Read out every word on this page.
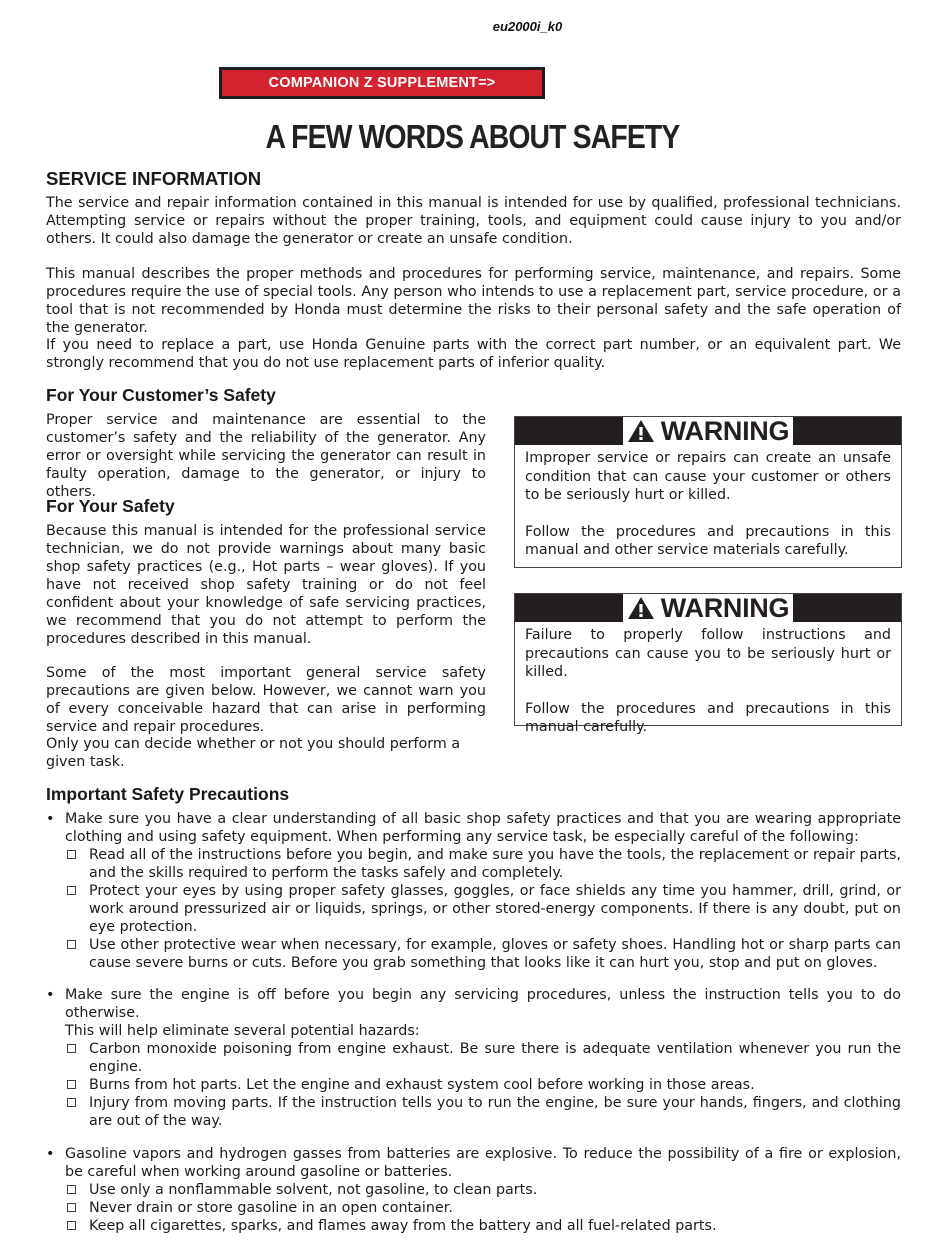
eu2000i_k0
COMPANION Z SUPPLEMENT=>
A FEW WORDS ABOUT SAFETY
SERVICE INFORMATION
The service and repair information contained in this manual is intended for use by qualified, professional technicians. Attempting service or repairs without the proper training, tools, and equipment could cause injury to you and/or others. It could also damage the generator or create an unsafe condition.
This manual describes the proper methods and procedures for performing service, maintenance, and repairs. Some procedures require the use of special tools. Any person who intends to use a replacement part, service procedure, or a tool that is not recommended by Honda must determine the risks to their personal safety and the safe operation of the generator.
If you need to replace a part, use Honda Genuine parts with the correct part number, or an equivalent part. We strongly recommend that you do not use replacement parts of inferior quality.
For Your Customer’s Safety
Proper service and maintenance are essential to the customer’s safety and the reliability of the generator. Any error or oversight while servicing the generator can result in faulty operation, damage to the generator, or injury to others.
For Your Safety
Because this manual is intended for the professional service technician, we do not provide warnings about many basic shop safety practices (e.g., Hot parts – wear gloves). If you have not received shop safety training or do not feel confident about your knowledge of safe servicing practices, we recommend that you do not attempt to perform the procedures described in this manual.
Some of the most important general service safety precautions are given below. However, we cannot warn you of every conceivable hazard that can arise in performing service and repair procedures.
Only you can decide whether or not you should perform a given task.
WARNING

Improper service or repairs can create an unsafe condition that can cause your customer or others to be seriously hurt or killed.

Follow the procedures and precautions in this manual and other service materials carefully.

WARNING

Failure to properly follow instructions and precautions can cause you to be seriously hurt or killed.

Follow the procedures and precautions in this manual carefully.

Important Safety Precautions
• Make sure you have a clear understanding of all basic shop safety practices and that you are wearing appropriate clothing and using safety equipment. When performing any service task, be especially careful of the following:
Read all of the instructions before you begin, and make sure you have the tools, the replacement or repair parts, and the skills required to perform the tasks safely and completely.
Protect your eyes by using proper safety glasses, goggles, or face shields any time you hammer, drill, grind, or work around pressurized air or liquids, springs, or other stored-energy components. If there is any doubt, put on eye protection.
Use other protective wear when necessary, for example, gloves or safety shoes. Handling hot or sharp parts can cause severe burns or cuts. Before you grab something that looks like it can hurt you, stop and put on gloves.
• Make sure the engine is off before you begin any servicing procedures, unless the instruction tells you to do otherwise.
This will help eliminate several potential hazards:
Carbon monoxide poisoning from engine exhaust. Be sure there is adequate ventilation whenever you run the engine.
Burns from hot parts. Let the engine and exhaust system cool before working in those areas.
Injury from moving parts. If the instruction tells you to run the engine, be sure your hands, fingers, and clothing are out of the way.
• Gasoline vapors and hydrogen gasses from batteries are explosive. To reduce the possibility of a fire or explosion, be careful when working around gasoline or batteries.
Use only a nonflammable solvent, not gasoline, to clean parts.
Never drain or store gasoline in an open container.
Keep all cigarettes, sparks, and flames away from the battery and all fuel-related parts.
